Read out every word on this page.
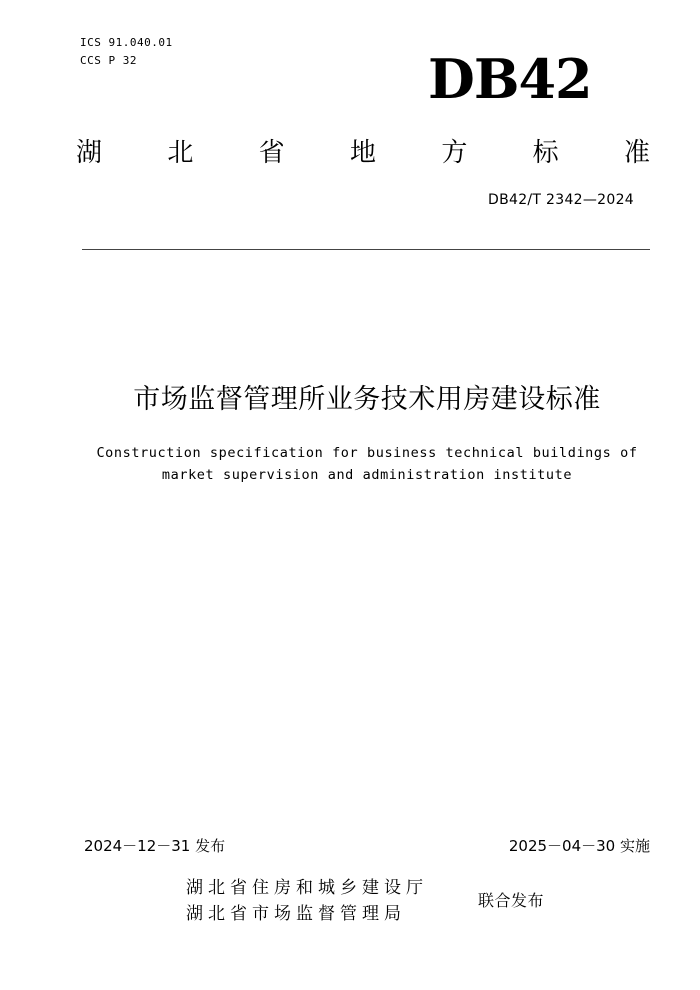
ICS 91.040.01
CCS P 32	DB42
湖	北	省	地	方	标	准
DB42/T 2342—2024
市场监督管理所业务技术用房建设标准
Construction specification for business technical buildings of
market supervision and administration institute
2024－12－31 发布	2025－04－30 实施
湖北省住房和城乡建设厅
湖北省市场监督管理局
联合发布
